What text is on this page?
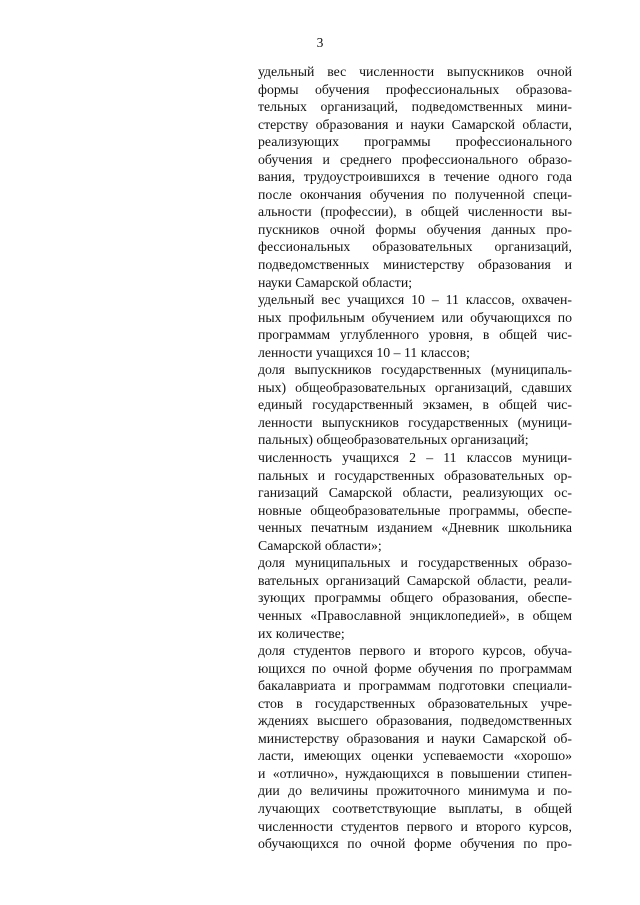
3
удельный вес численности выпускников очной
формы обучения профессиональных образова-
тельных организаций, подведомственных мини-
стерству образования и науки Самарской области,
реализующих программы профессионального
обучения и среднего профессионального образо-
вания, трудоустроившихся в течение одного года
после окончания обучения по полученной специ-
альности (профессии), в общей численности вы-
пускников очной формы обучения данных про-
фессиональных образовательных организаций,
подведомственных министерству образования и
науки Самарской области;
удельный вес учащихся 10 – 11 классов, охвачен-
ных профильным обучением или обучающихся по
программам углубленного уровня, в общей чис-
ленности учащихся 10 – 11 классов;
доля выпускников государственных (муниципаль-
ных) общеобразовательных организаций, сдавших
единый государственный экзамен, в общей чис-
ленности выпускников государственных (муници-
пальных) общеобразовательных организаций;
численность учащихся 2 – 11 классов муници-
пальных и государственных образовательных ор-
ганизаций Самарской области, реализующих ос-
новные общеобразовательные программы, обеспе-
ченных печатным изданием «Дневник школьника
Самарской области»;
доля муниципальных и государственных образо-
вательных организаций Самарской области, реали-
зующих программы общего образования, обеспе-
ченных «Православной энциклопедией», в общем
их количестве;
доля студентов первого и второго курсов, обуча-
ющихся по очной форме обучения по программам
бакалавриата и программам подготовки специали-
стов в государственных образовательных учре-
ждениях высшего образования, подведомственных
министерству образования и науки Самарской об-
ласти, имеющих оценки успеваемости «хорошо»
и «отлично», нуждающихся в повышении стипен-
дии до величины прожиточного минимума и по-
лучающих соответствующие выплаты, в общей
численности студентов первого и второго курсов,
обучающихся по очной форме обучения по про-
